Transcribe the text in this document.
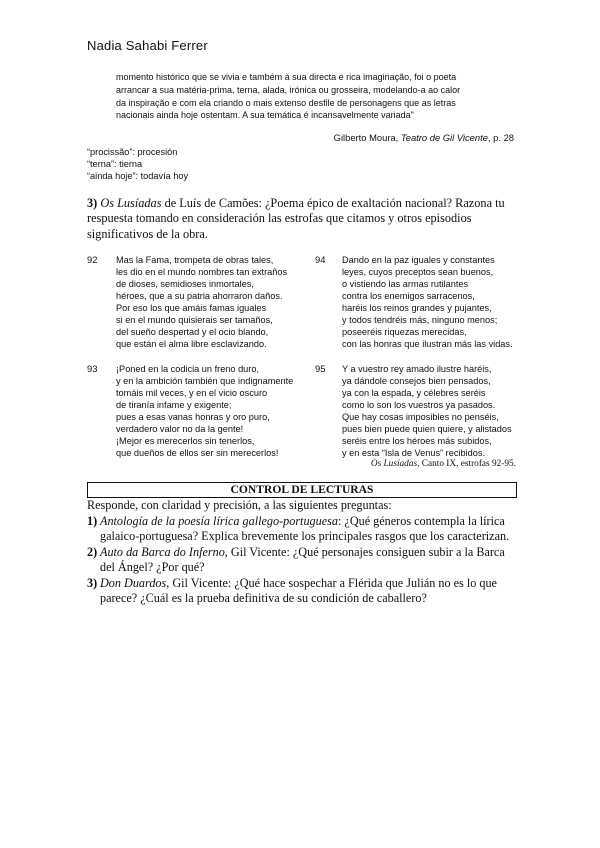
Nadia Sahabi Ferrer
momento histórico que se vivia e também à sua directa e rica imaginação, foi o poeta
arrancar a sua matéria-prima, terna, alada, irónica ou grosseira, modelando-a ao calor
da inspiração e com ela criando o mais extenso desfile de personagens que as letras
nacionais ainda hoje ostentam. A sua temática é incansavelmente variada"
Gilberto Moura, Teatro de Gil Vicente, p. 28
“procissão”: procesión
“terna”: tierna
“ainda hoje”: todavía hoy
3) Os Lusíadas de Luís de Camões: ¿Poema épico de exaltación nacional? Razona tu respuesta tomando en consideración las estrofas que citamos y otros episodios significativos de la obra.
92 Mas la Fama, trompeta de obras tales,
les dio en el mundo nombres tan extraños
de dioses, semidioses inmortales,
héroes, que a su patria ahorraron daños.
Por eso los que amáis famas iguales
si en el mundo quisierais ser tamaños,
del sueño despertad y el ocio blando,
que están el alma libre esclavizando.
94 Dando en la paz iguales y constantes
leyes, cuyos preceptos sean buenos,
o vistiendo las armas rutilantes
contra los enemigos sarracenos,
haréis los reinos grandes y pujantes,
y todos tendréis más, ninguno menos;
poseeréis riquezas merecidas,
con las honras que ilustran más las vidas.
93 ¡Poned en la codicia un freno duro,
y en la ambición también que indignamente
tomáis mil veces, y en el vicio oscuro
de tiranía infame y exigente;
pues a esas vanas honras y oro puro,
verdadero valor no da la gente!
¡Mejor es merecerlos sin tenerlos,
que dueños de ellos ser sin merecerlos!
95 Y a vuestro rey amado ilustre haréis,
ya dándole consejos bien pensados,
ya con la espada, y célebres seréis
como lo son los vuestros ya pasados.
Que hay cosas imposibles no penséis,
pues bien puede quien quiere, y alistados
seréis entre los héroes más subidos,
y en esta “Isla de Venus” recibidos.
Os Lusíadas, Canto IX, estrofas 92-95.
CONTROL DE LECTURAS
Responde, con claridad y precisión, a las siguientes preguntas:
1) Antología de la poesía lírica gallego-portuguesa: ¿Qué géneros contempla la lírica galaico-portuguesa? Explica brevemente los principales rasgos que los caracterizan.
2) Auto da Barca do Inferno, Gil Vicente: ¿Qué personajes consiguen subir a la Barca del Ángel? ¿Por qué?
3) Don Duardos, Gil Vicente: ¿Qué hace sospechar a Flérida que Julián no es lo que parece? ¿Cuál es la prueba definitiva de su condición de caballero?
